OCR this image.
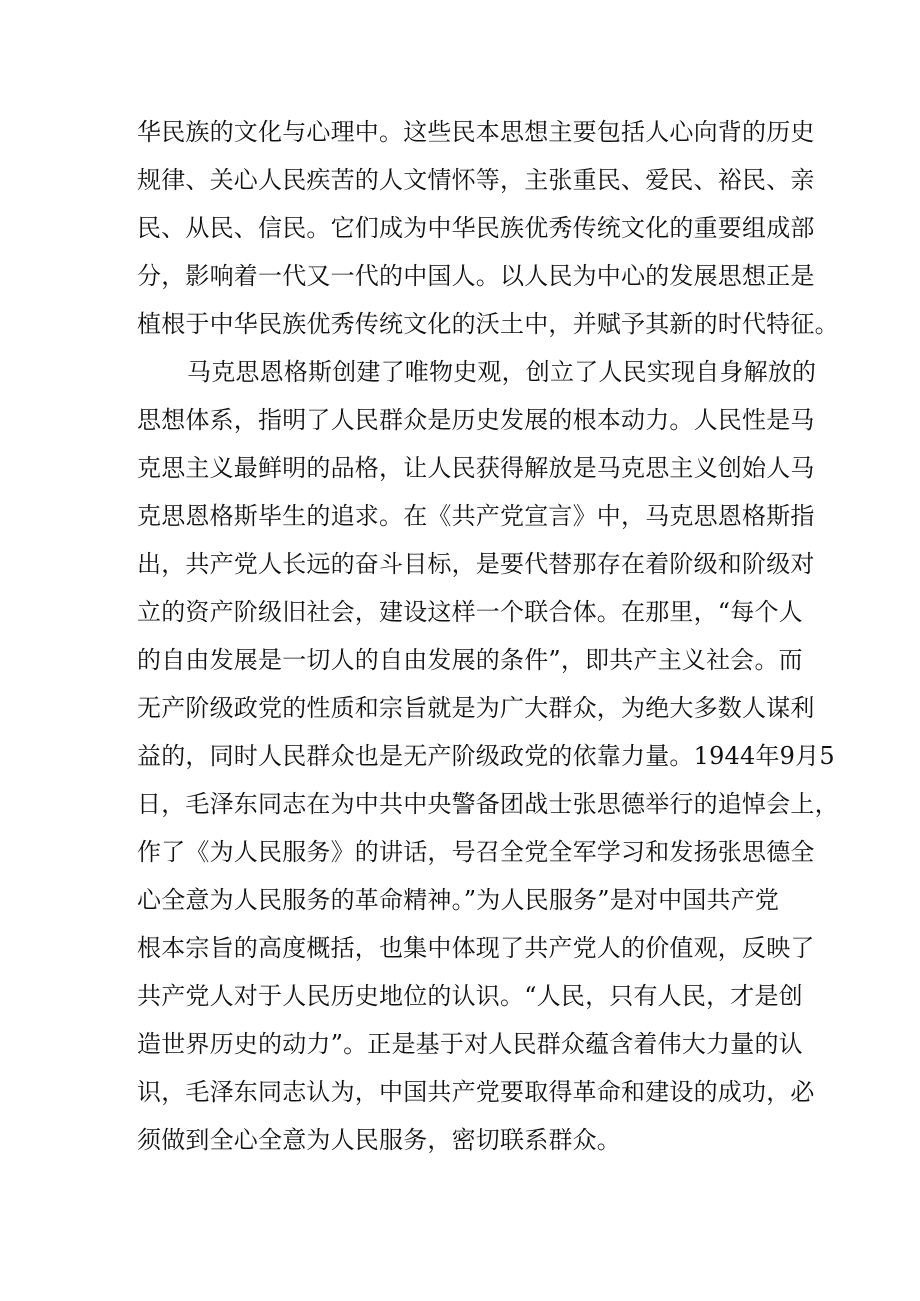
华民族的文化与心理中。这些民本思想主要包括人心向背的历史
规律、关心人民疾苦的人文情怀等，主张重民、爱民、裕民、亲
民、从民、信民。它们成为中华民族优秀传统文化的重要组成部
分，影响着一代又一代的中国人。以人民为中心的发展思想正是
植根于中华民族优秀传统文化的沃土中，并赋予其新的时代特征。
马克思恩格斯创建了唯物史观，创立了人民实现自身解放的
思想体系，指明了人民群众是历史发展的根本动力。人民性是马
克思主义最鲜明的品格，让人民获得解放是马克思主义创始人马
克思恩格斯毕生的追求。在《共产党宣言》中，马克思恩格斯指
出，共产党人长远的奋斗目标，是要代替那存在着阶级和阶级对
立的资产阶级旧社会，建设这样一个联合体。在那里，“每个人
的自由发展是一切人的自由发展的条件”，即共产主义社会。而
无产阶级政党的性质和宗旨就是为广大群众，为绝大多数人谋利
益的，同时人民群众也是无产阶级政党的依靠力量。1944年9月5
日，毛泽东同志在为中共中央警备团战士张思德举行的追悼会上，
作了《为人民服务》的讲话，号召全党全军学习和发扬张思德全
心全意为人民服务的革命精神。”为人民服务”是对中国共产党
根本宗旨的高度概括，也集中体现了共产党人的价值观，反映了
共产党人对于人民历史地位的认识。“人民，只有人民，才是创
造世界历史的动力”。正是基于对人民群众蕴含着伟大力量的认
识，毛泽东同志认为，中国共产党要取得革命和建设的成功，必
须做到全心全意为人民服务，密切联系群众。
